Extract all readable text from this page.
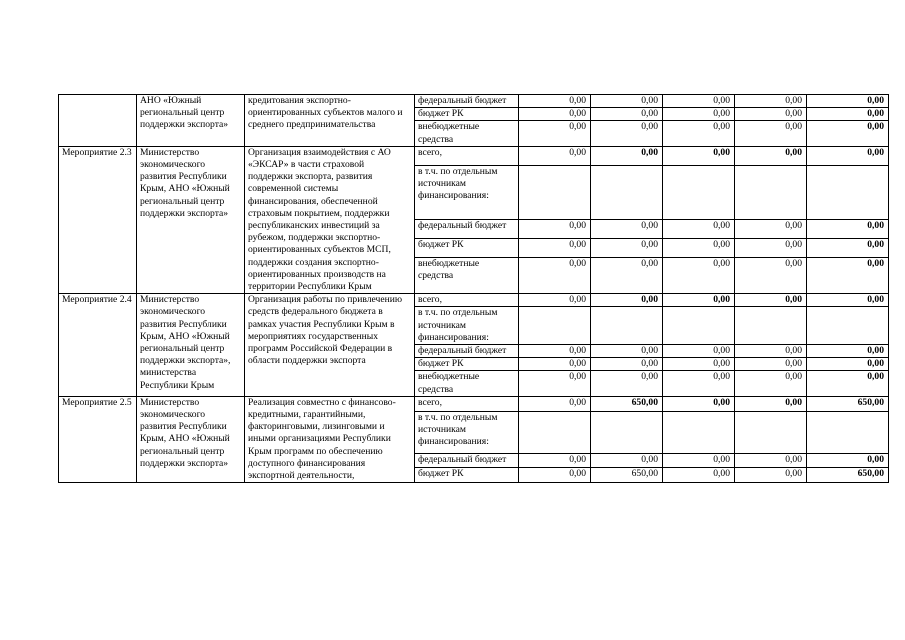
	АНО «Южный региональный центр поддержки экспорта»	кредитования экспортно-ориентированных субъектов малого и среднего предпринимательства	федеральный бюджет	0,00	0,00	0,00	0,00	0,00
			бюджет РК	0,00	0,00	0,00	0,00	0,00
			внебюджетные средства	0,00	0,00	0,00	0,00	0,00
Мероприятие 2.3	Министерство экономического развития Республики Крым, АНО «Южный региональный центр поддержки экспорта»	Организация взаимодействия с АО «ЭКСАР» в части страховой поддержки экспорта, развития современной системы финансирования, обеспеченной страховым покрытием, поддержки республиканских инвестиций за рубежом, поддержки экспортно-ориентированных субъектов МСП, поддержки создания экспортно-ориентированных производств на территории Республики Крым	всего,	0,00	0,00	0,00	0,00	0,00
			в т.ч. по отдельным источникам финансирования:					
			федеральный бюджет	0,00	0,00	0,00	0,00	0,00
			бюджет РК	0,00	0,00	0,00	0,00	0,00
			внебюджетные средства	0,00	0,00	0,00	0,00	0,00
Мероприятие 2.4	Министерство экономического развития Республики Крым, АНО «Южный региональный центр поддержки экспорта», министерства Республики Крым	Организация работы по привлечению средств федерального бюджета в рамках участия Республики Крым в мероприятиях государственных программ Российской Федерации в области поддержки экспорта	всего,	0,00	0,00	0,00	0,00	0,00
			в т.ч. по отдельным источникам финансирования:					
			федеральный бюджет	0,00	0,00	0,00	0,00	0,00
			бюджет РК	0,00	0,00	0,00	0,00	0,00
			внебюджетные средства	0,00	0,00	0,00	0,00	0,00
Мероприятие 2.5	Министерство экономического развития Республики Крым, АНО «Южный региональный центр поддержки экспорта»	Реализация совместно с финансово-кредитными, гарантийными, факторинговыми, лизинговыми и иными организациями Республики Крым программ по обеспечению доступного финансирования экспортной деятельности,	всего,	0,00	650,00	0,00	0,00	650,00
			в т.ч. по отдельным источникам финансирования:					
			федеральный бюджет	0,00	0,00	0,00	0,00	0,00
			бюджет РК	0,00	650,00	0,00	0,00	650,00
